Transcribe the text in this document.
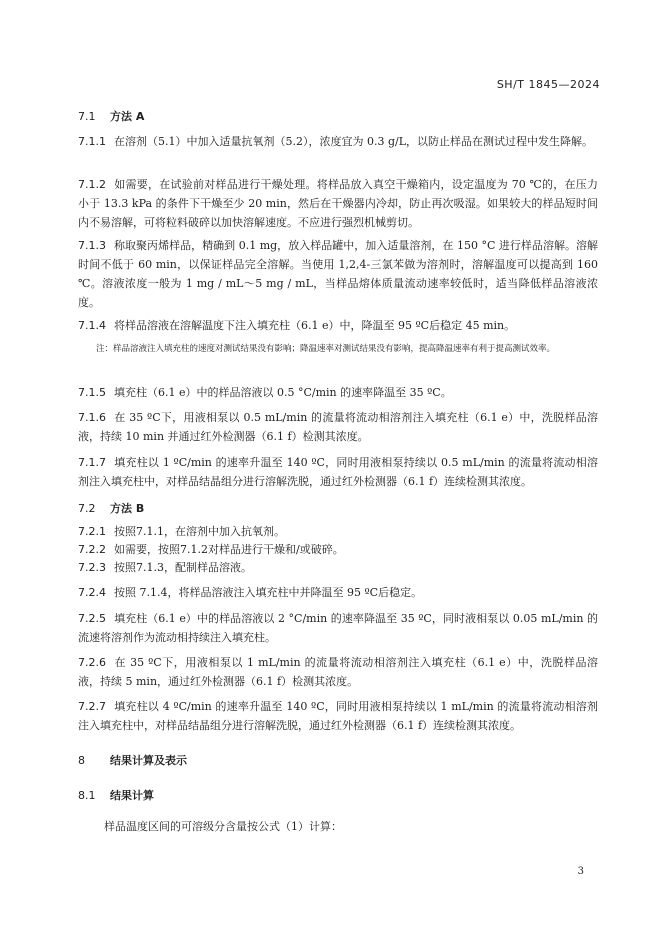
SH/T 1845—2024
7.1 方法 A
7.1.1 在溶剂（5.1）中加入适量抗氧剂（5.2），浓度宜为 0.3 g/L，以防止样品在测试过程中发生降解。
7.1.2 如需要，在试验前对样品进行干燥处理。将样品放入真空干燥箱内，设定温度为 70 ℃的，在压力小于 13.3 kPa 的条件下干燥至少 20 min，然后在干燥器内冷却，防止再次吸湿。如果较大的样品短时间内不易溶解，可将粒料破碎以加快溶解速度。不应进行强烈机械剪切。
7.1.3 称取聚丙烯样品，精确到 0.1 mg，放入样品罐中，加入适量溶剂，在 150 °C 进行样品溶解。溶解时间不低于 60 min，以保证样品完全溶解。当使用 1,2,4-三氯苯做为溶剂时，溶解温度可以提高到 160 ℃。溶液浓度一般为 1 mg / mL～5 mg / mL，当样品熔体质量流动速率较低时，适当降低样品溶液浓度。
7.1.4 将样品溶液在溶解温度下注入填充柱（6.1 e）中，降温至 95 ºC后稳定 45 min。
注：样品溶液注入填充柱的速度对测试结果没有影响；降温速率对测试结果没有影响，提高降温速率有利于提高测试效率。
7.1.5 填充柱（6.1 e）中的样品溶液以 0.5 °C/min 的速率降温至 35 ºC。
7.1.6 在 35 ºC下，用液相泵以 0.5 mL/min 的流量将流动相溶剂注入填充柱（6.1 e）中，洗脱样品溶液，持续 10 min 并通过红外检测器（6.1 f）检测其浓度。
7.1.7 填充柱以 1 ºC/min 的速率升温至 140 ºC，同时用液相泵持续以 0.5 mL/min 的流量将流动相溶剂注入填充柱中，对样品结晶组分进行溶解洗脱，通过红外检测器（6.1 f）连续检测其浓度。
7.2 方法 B
7.2.1 按照7.1.1，在溶剂中加入抗氧剂。
7.2.2 如需要，按照7.1.2对样品进行干燥和/或破碎。
7.2.3 按照7.1.3，配制样品溶液。
7.2.4 按照 7.1.4，将样品溶液注入填充柱中并降温至 95 ºC后稳定。
7.2.5 填充柱（6.1 e）中的样品溶液以 2 °C/min 的速率降温至 35 ºC，同时液相泵以 0.05 mL/min 的流速将溶剂作为流动相持续注入填充柱。
7.2.6 在 35 ºC下，用液相泵以 1 mL/min 的流量将流动相溶剂注入填充柱（6.1 e）中，洗脱样品溶液，持续 5 min，通过红外检测器（6.1 f）检测其浓度。
7.2.7 填充柱以 4 ºC/min 的速率升温至 140 ºC，同时用液相泵持续以 1 mL/min 的流量将流动相溶剂注入填充柱中，对样品结晶组分进行溶解洗脱，通过红外检测器（6.1 f）连续检测其浓度。
8 结果计算及表示
8.1 结果计算
样品温度区间的可溶级分含量按公式（1）计算：
3
